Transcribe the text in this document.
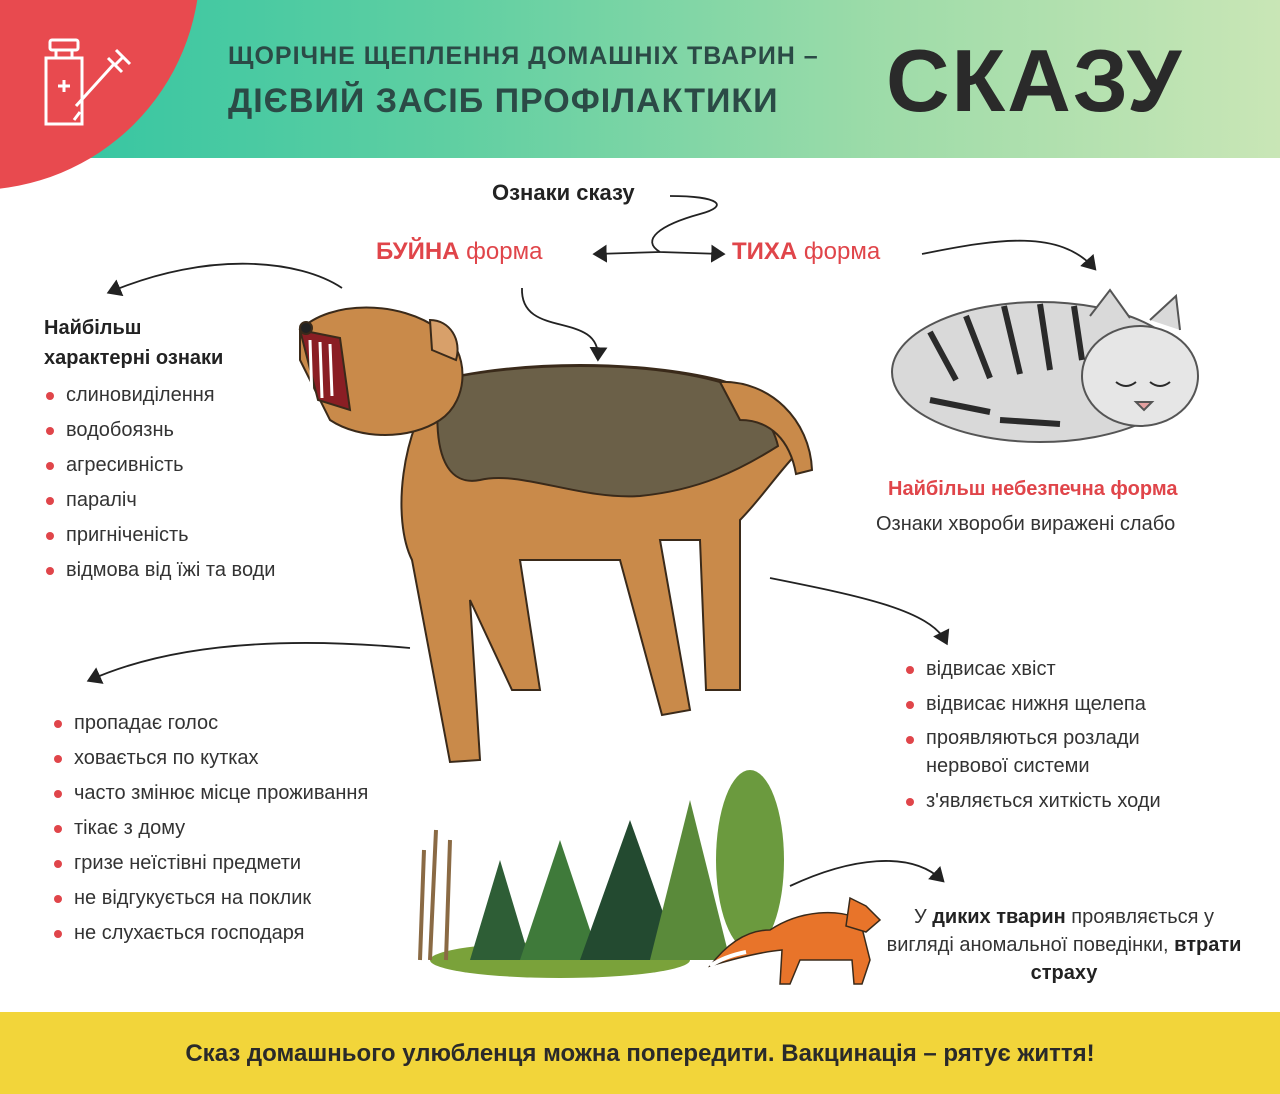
ЩОРІЧНЕ ЩЕПЛЕННЯ ДОМАШНІХ ТВАРИН –
ДІЄВИЙ ЗАСІБ ПРОФІЛАКТИКИ	СКАЗУ
Ознаки сказу
БУЙНА форма	ТИХА форма
Найбільш
характерні ознаки
слиновиділення
водобоязнь
агресивність
параліч
пригніченість
відмова від їжі та води
пропадає голос
ховається по кутках
часто змінює місце проживання
тікає з дому
гризе неїстівні предмети
не відгукується на поклик
не слухається господаря
Найбільш небезпечна форма
Ознаки хвороби виражені слабо
відвисає хвіст
відвисає нижня щелепа
проявляються розлади нервової системи
з'являється хиткість ходи
У диких тварин проявляється у вигляді аномальної поведінки, втрати страху
Сказ домашнього улюбленця можна попередити. Вакцинація – рятує життя!
